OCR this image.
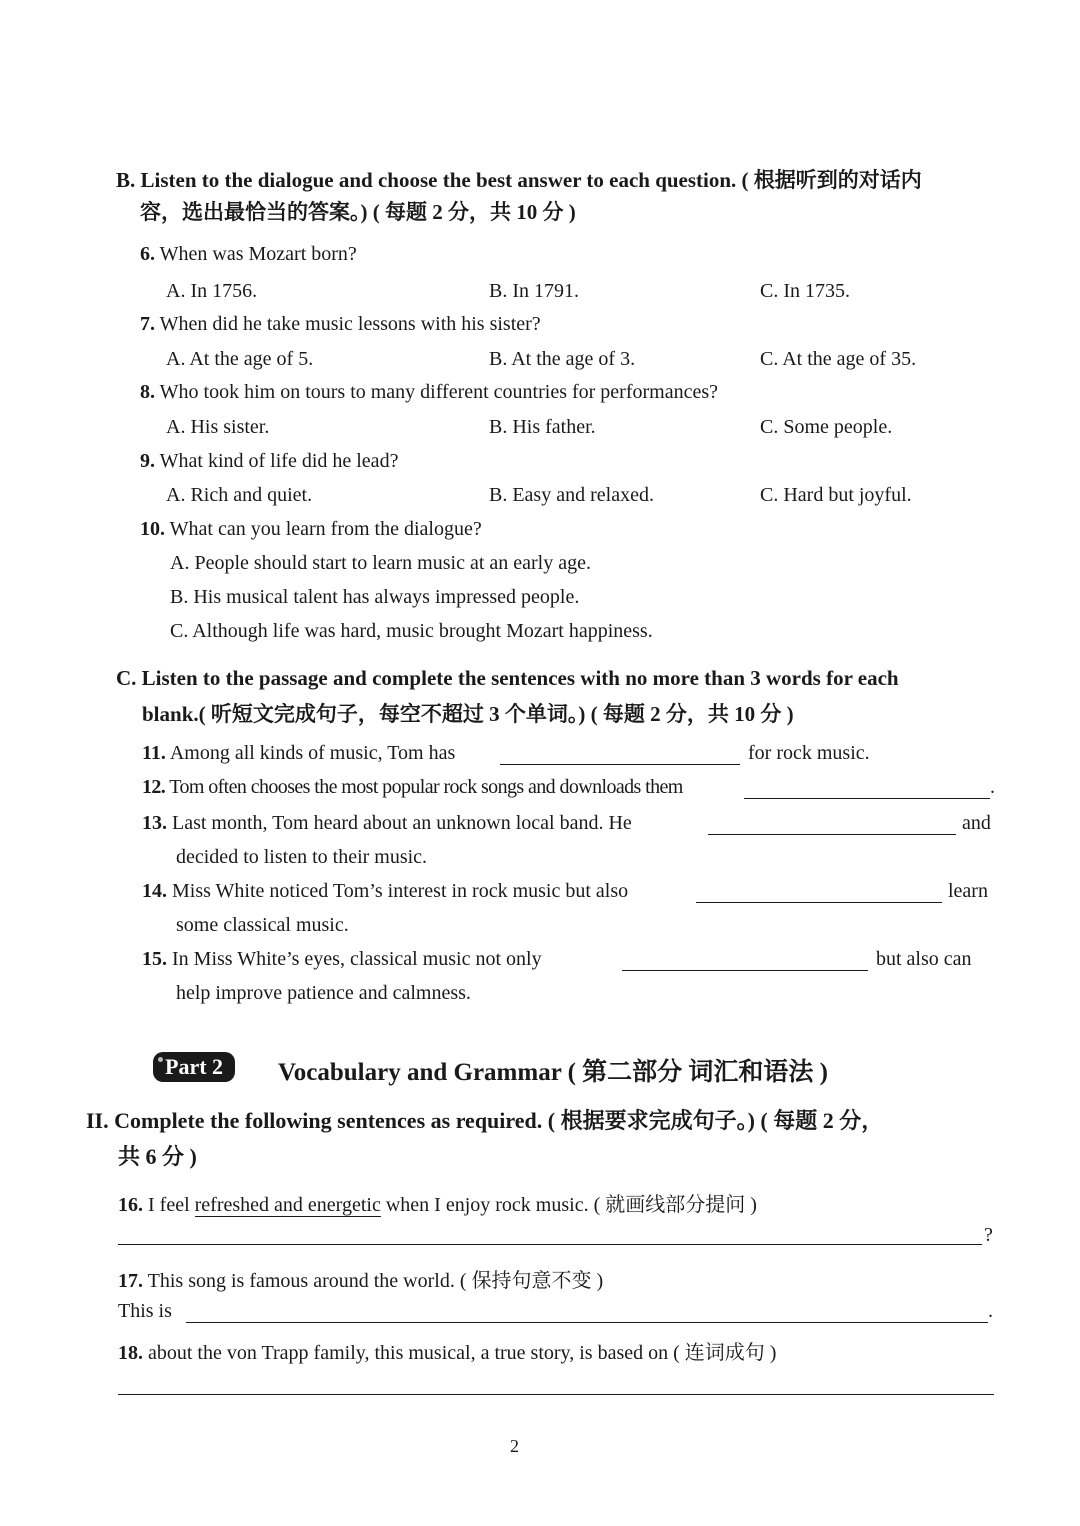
B. Listen to the dialogue and choose the best answer to each question. ( 根据听到的对话内
容，选出最恰当的答案。) ( 每题 2 分，共 10 分 )
6. When was Mozart born?
A. In 1756.	B. In 1791.	C. In 1735.
7. When did he take music lessons with his sister?
A. At the age of 5.	B. At the age of 3.	C. At the age of 35.
8. Who took him on tours to many different countries for performances?
A. His sister.	B. His father.	C. Some people.
9. What kind of life did he lead?
A. Rich and quiet.	B. Easy and relaxed.	C. Hard but joyful.
10. What can you learn from the dialogue?
A. People should start to learn music at an early age.
B. His musical talent has always impressed people.
C. Although life was hard, music brought Mozart happiness.
C. Listen to the passage and complete the sentences with no more than 3 words for each
blank.( 听短文完成句子，每空不超过 3 个单词。) ( 每题 2 分，共 10 分 )
11. Among all kinds of music, Tom has	for rock music.
12. Tom often chooses the most popular rock songs and downloads them	.
13. Last month, Tom heard about an unknown local band. He	and
decided to listen to their music.
14. Miss White noticed Tom’s interest in rock music but also	learn
some classical music.
15. In Miss White’s eyes, classical music not only	but also can
help improve patience and calmness.
Part 2	Vocabulary and Grammar ( 第二部分 词汇和语法 )
II. Complete the following sentences as required. ( 根据要求完成句子。) ( 每题 2 分，
共 6 分 )
16. I feel refreshed and energetic when I enjoy rock music. ( 就画线部分提问 )
?
17. This song is famous around the world. ( 保持句意不变 )
This is	.
18. about the von Trapp family, this musical, a true story, is based on ( 连词成句 )
2
